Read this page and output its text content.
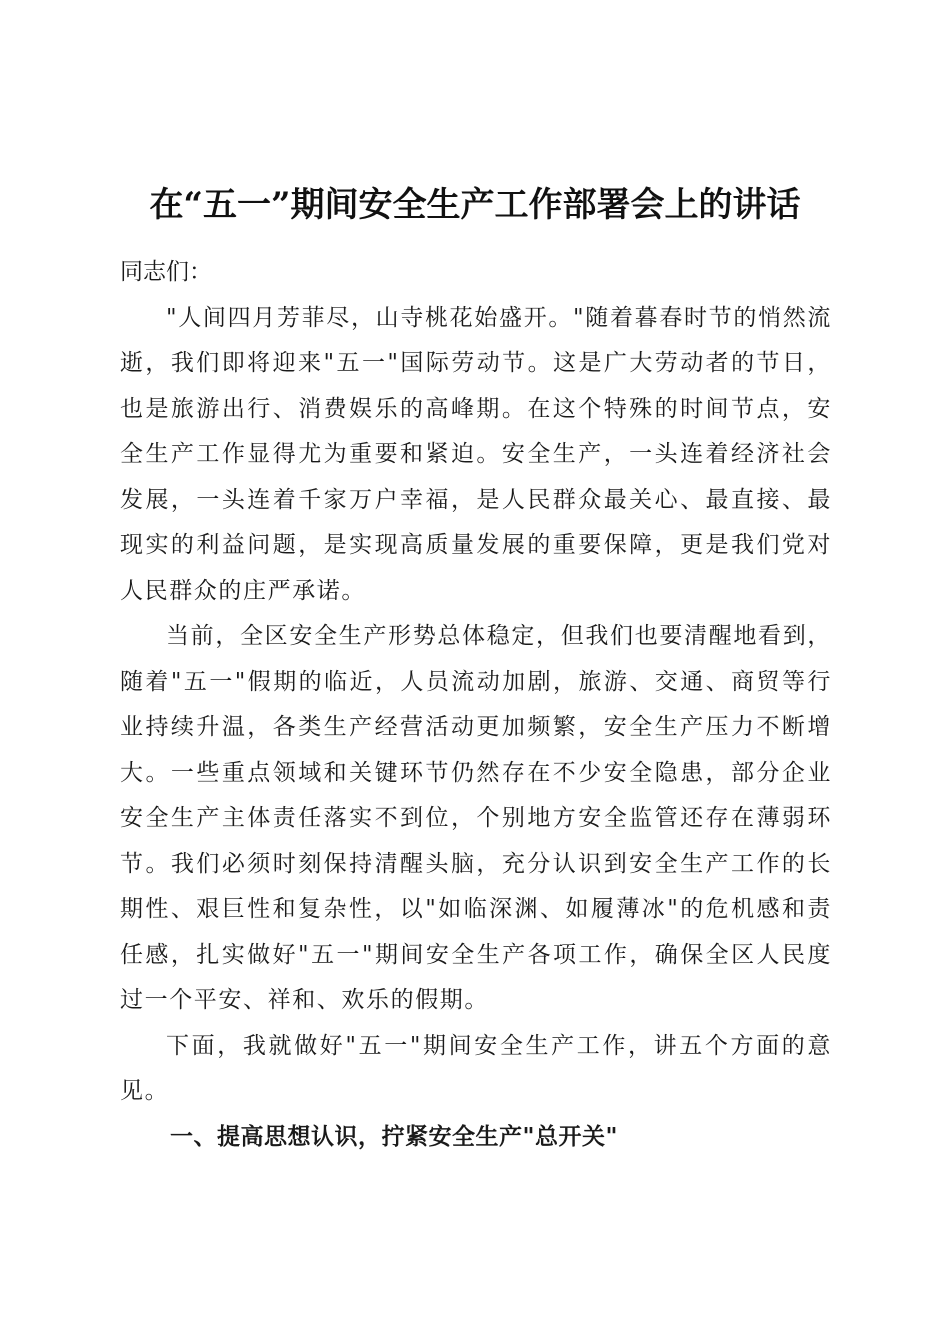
在“五一”期间安全生产工作部署会上的讲话

同志们：

"人间四月芳菲尽，山寺桃花始盛开。"随着暮春时节的悄然流逝，我们即将迎来"五一"国际劳动节。这是广大劳动者的节日，也是旅游出行、消费娱乐的高峰期。在这个特殊的时间节点，安全生产工作显得尤为重要和紧迫。安全生产，一头连着经济社会发展，一头连着千家万户幸福，是人民群众最关心、最直接、最现实的利益问题，是实现高质量发展的重要保障，更是我们党对人民群众的庄严承诺。

当前，全区安全生产形势总体稳定，但我们也要清醒地看到，随着"五一"假期的临近，人员流动加剧，旅游、交通、商贸等行业持续升温，各类生产经营活动更加频繁，安全生产压力不断增大。一些重点领域和关键环节仍然存在不少安全隐患，部分企业安全生产主体责任落实不到位，个别地方安全监管还存在薄弱环节。我们必须时刻保持清醒头脑，充分认识到安全生产工作的长期性、艰巨性和复杂性，以"如临深渊、如履薄冰"的危机感和责任感，扎实做好"五一"期间安全生产各项工作，确保全区人民度过一个平安、祥和、欢乐的假期。

下面，我就做好"五一"期间安全生产工作，讲五个方面的意见。

一、提高思想认识，拧紧安全生产"总开关"
